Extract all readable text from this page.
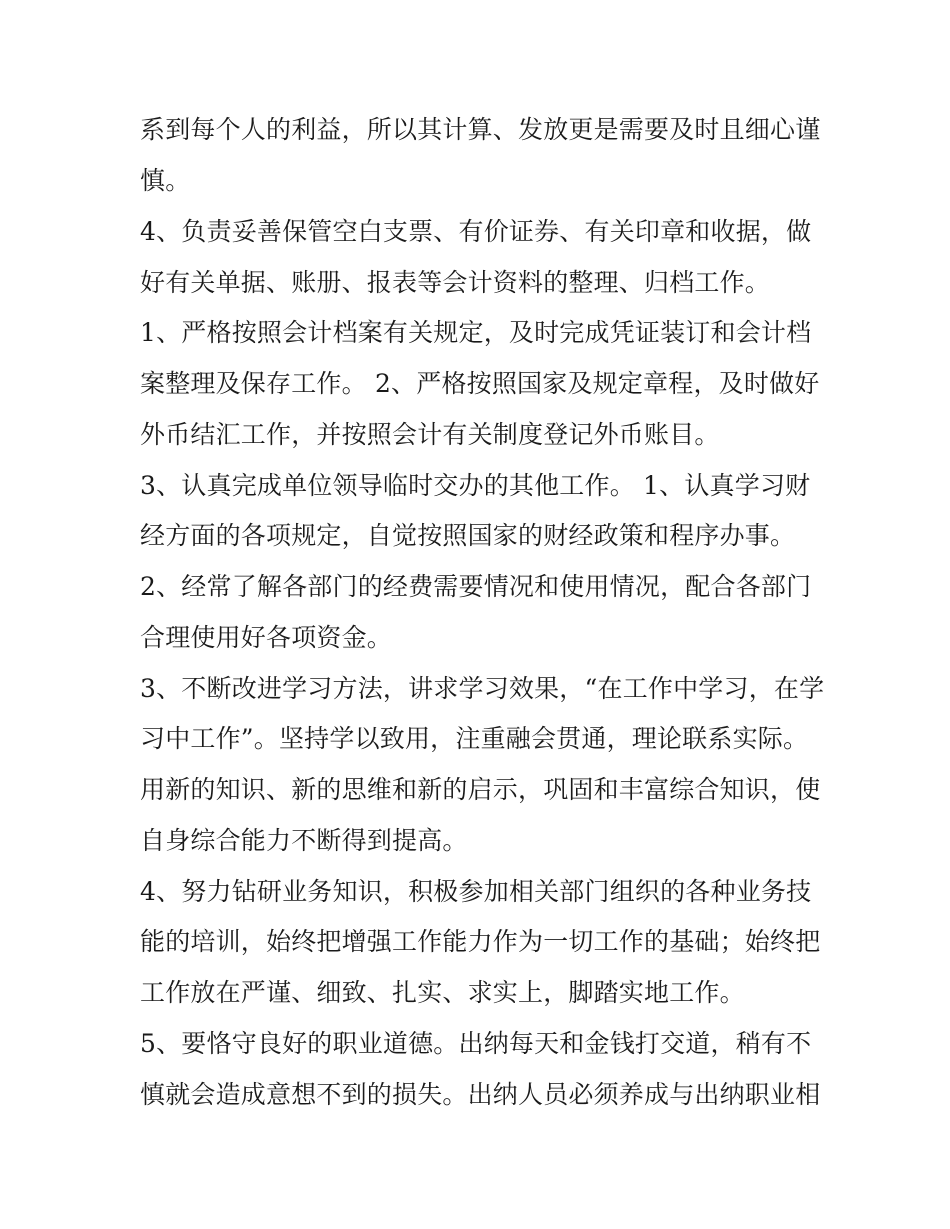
系到每个人的利益，所以其计算、发放更是需要及时且细心谨
慎。
4、负责妥善保管空白支票、有价证券、有关印章和收据，做
好有关单据、账册、报表等会计资料的整理、归档工作。
1、严格按照会计档案有关规定，及时完成凭证装订和会计档
案整理及保存工作。 2、严格按照国家及规定章程，及时做好
外币结汇工作，并按照会计有关制度登记外币账目。
3、认真完成单位领导临时交办的其他工作。 1、认真学习财
经方面的各项规定，自觉按照国家的财经政策和程序办事。
2、经常了解各部门的经费需要情况和使用情况，配合各部门
合理使用好各项资金。
3、不断改进学习方法，讲求学习效果，“在工作中学习，在学
习中工作”。坚持学以致用，注重融会贯通，理论联系实际。
用新的知识、新的思维和新的启示，巩固和丰富综合知识，使
自身综合能力不断得到提高。
4、努力钻研业务知识，积极参加相关部门组织的各种业务技
能的培训，始终把增强工作能力作为一切工作的基础；始终把
工作放在严谨、细致、扎实、求实上，脚踏实地工作。
5、要恪守良好的职业道德。出纳每天和金钱打交道，稍有不
慎就会造成意想不到的损失。出纳人员必须养成与出纳职业相
